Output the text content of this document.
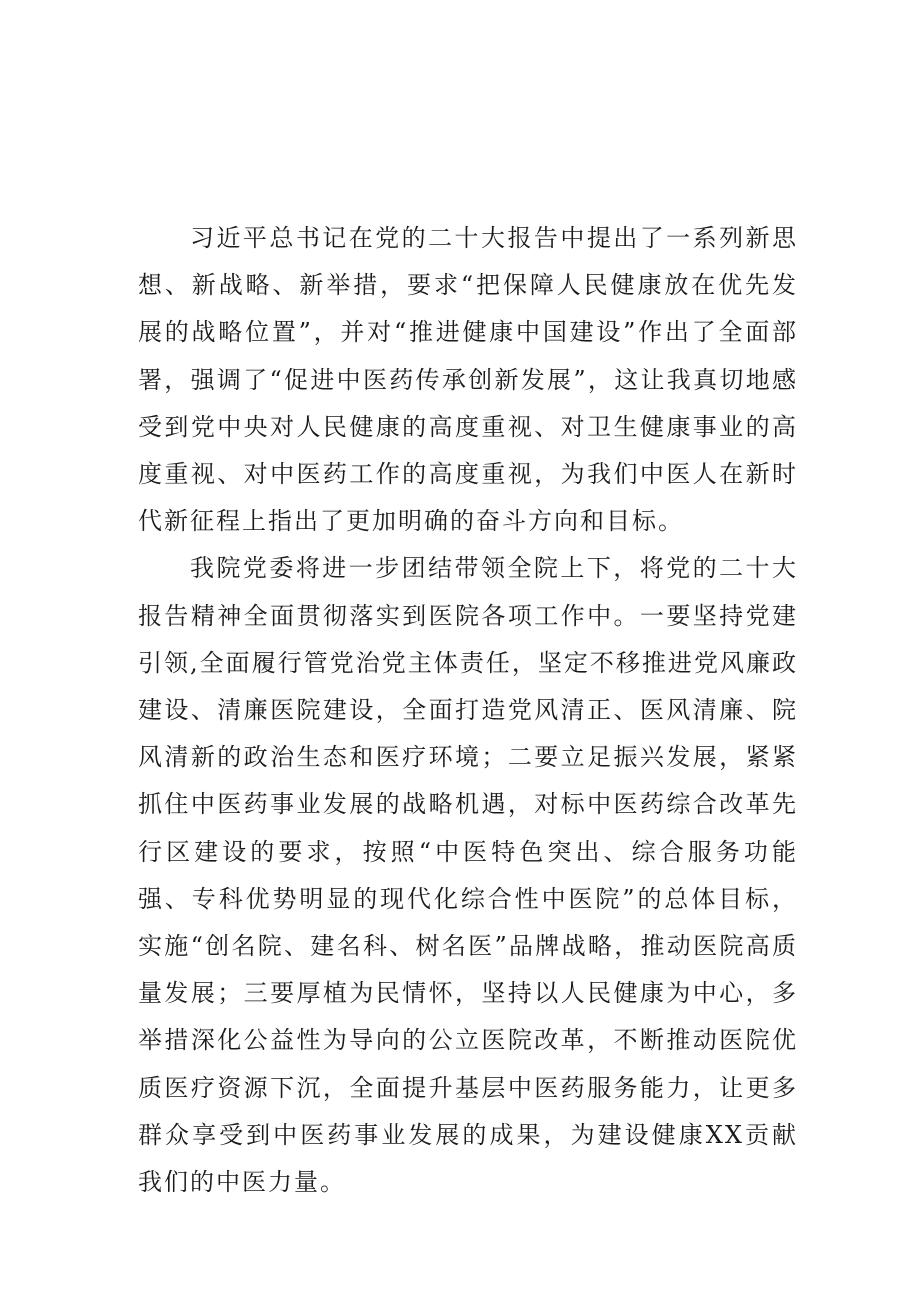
习近平总书记在党的二十大报告中提出了一系列新思想、新战略、新举措，要求“把保障人民健康放在优先发展的战略位置”，并对“推进健康中国建设”作出了全面部署，强调了“促进中医药传承创新发展”，这让我真切地感受到党中央对人民健康的高度重视、对卫生健康事业的高度重视、对中医药工作的高度重视，为我们中医人在新时代新征程上指出了更加明确的奋斗方向和目标。

我院党委将进一步团结带领全院上下，将党的二十大报告精神全面贯彻落实到医院各项工作中。一要坚持党建引领,全面履行管党治党主体责任，坚定不移推进党风廉政建设、清廉医院建设，全面打造党风清正、医风清廉、院风清新的政治生态和医疗环境；二要立足振兴发展，紧紧抓住中医药事业发展的战略机遇，对标中医药综合改革先行区建设的要求，按照“中医特色突出、综合服务功能强、专科优势明显的现代化综合性中医院”的总体目标，实施“创名院、建名科、树名医”品牌战略，推动医院高质量发展；三要厚植为民情怀，坚持以人民健康为中心，多举措深化公益性为导向的公立医院改革，不断推动医院优质医疗资源下沉，全面提升基层中医药服务能力，让更多群众享受到中医药事业发展的成果，为建设健康XX贡献我们的中医力量。
